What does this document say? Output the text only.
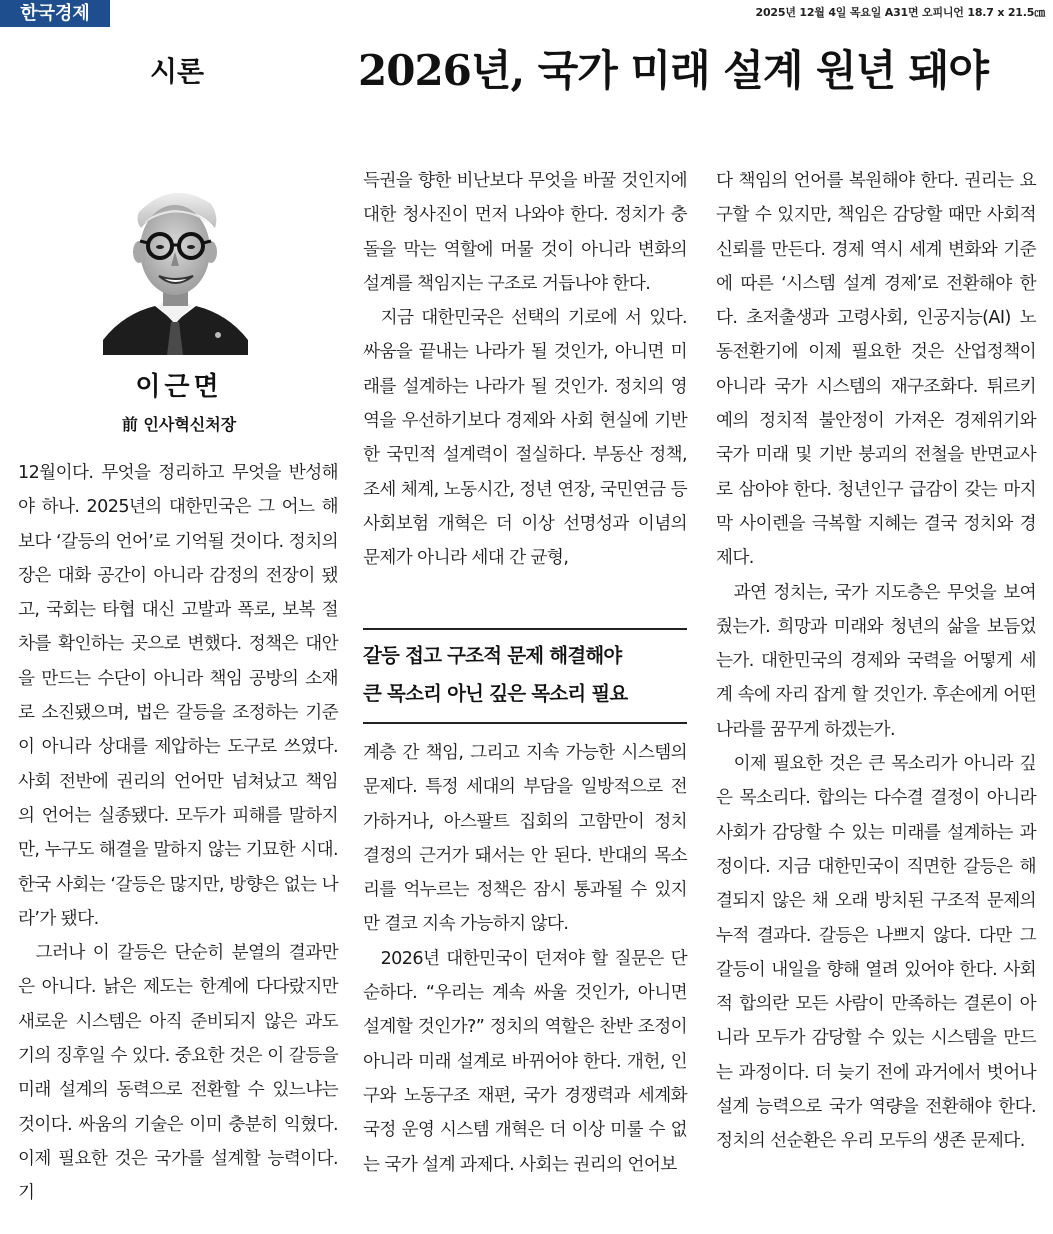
한국경제	2025년 12월 4일 목요일 A31면 오피니언 18.7 x 21.5㎝
시론	2026년, 국가 미래 설계 원년 돼야
이근면
前 인사혁신처장

12월이다. 무엇을 정리하고 무엇을 반성해야 하나. 2025년의 대한민국은 그 어느 해보다 ‘갈등의 언어’로 기억될 것이다. 정치의 장은 대화 공간이 아니라 감정의 전장이 됐고, 국회는 타협 대신 고발과 폭로, 보복 절차를 확인하는 곳으로 변했다. 정책은 대안을 만드는 수단이 아니라 책임 공방의 소재로 소진됐으며, 법은 갈등을 조정하는 기준이 아니라 상대를 제압하는 도구로 쓰였다. 사회 전반에 권리의 언어만 넘쳐났고 책임의 언어는 실종됐다. 모두가 피해를 말하지만, 누구도 해결을 말하지 않는 기묘한 시대. 한국 사회는 ‘갈등은 많지만, 방향은 없는 나라’가 됐다.

그러나 이 갈등은 단순히 분열의 결과만은 아니다. 낡은 제도는 한계에 다다랐지만 새로운 시스템은 아직 준비되지 않은 과도기의 징후일 수 있다. 중요한 것은 이 갈등을 미래 설계의 동력으로 전환할 수 있느냐는 것이다. 싸움의 기술은 이미 충분히 익혔다. 이제 필요한 것은 국가를 설계할 능력이다. 기

득권을 향한 비난보다 무엇을 바꿀 것인지에 대한 청사진이 먼저 나와야 한다. 정치가 충돌을 막는 역할에 머물 것이 아니라 변화의 설계를 책임지는 구조로 거듭나야 한다.

지금 대한민국은 선택의 기로에 서 있다. 싸움을 끝내는 나라가 될 것인가, 아니면 미래를 설계하는 나라가 될 것인가. 정치의 영역을 우선하기보다 경제와 사회 현실에 기반한 국민적 설계력이 절실하다. 부동산 정책, 조세 체계, 노동시간, 정년 연장, 국민연금 등 사회보험 개혁은 더 이상 선명성과 이념의 문제가 아니라 세대 간 균형,

갈등 접고 구조적 문제 해결해야
큰 목소리 아닌 깊은 목소리 필요

계층 간 책임, 그리고 지속 가능한 시스템의 문제다. 특정 세대의 부담을 일방적으로 전가하거나, 아스팔트 집회의 고함만이 정치 결정의 근거가 돼서는 안 된다. 반대의 목소리를 억누르는 정책은 잠시 통과될 수 있지만 결코 지속 가능하지 않다.

2026년 대한민국이 던져야 할 질문은 단순하다. “우리는 계속 싸울 것인가, 아니면 설계할 것인가?” 정치의 역할은 찬반 조정이 아니라 미래 설계로 바뀌어야 한다. 개헌, 인구와 노동구조 재편, 국가 경쟁력과 세계화 국정 운영 시스템 개혁은 더 이상 미룰 수 없는 국가 설계 과제다. 사회는 권리의 언어보

다 책임의 언어를 복원해야 한다. 권리는 요구할 수 있지만, 책임은 감당할 때만 사회적 신뢰를 만든다. 경제 역시 세계 변화와 기준에 따른 ‘시스템 설계 경제’로 전환해야 한다. 초저출생과 고령사회, 인공지능(AI) 노동전환기에 이제 필요한 것은 산업정책이 아니라 국가 시스템의 재구조화다. 튀르키예의 정치적 불안정이 가져온 경제위기와 국가 미래 및 기반 붕괴의 전철을 반면교사로 삼아야 한다. 청년인구 급감이 갖는 마지막 사이렌을 극복할 지혜는 결국 정치와 경제다.

과연 정치는, 국가 지도층은 무엇을 보여줬는가. 희망과 미래와 청년의 삶을 보듬었는가. 대한민국의 경제와 국력을 어떻게 세계 속에 자리 잡게 할 것인가. 후손에게 어떤 나라를 꿈꾸게 하겠는가.

이제 필요한 것은 큰 목소리가 아니라 깊은 목소리다. 합의는 다수결 결정이 아니라 사회가 감당할 수 있는 미래를 설계하는 과정이다. 지금 대한민국이 직면한 갈등은 해결되지 않은 채 오래 방치된 구조적 문제의 누적 결과다. 갈등은 나쁘지 않다. 다만 그 갈등이 내일을 향해 열려 있어야 한다. 사회적 합의란 모든 사람이 만족하는 결론이 아니라 모두가 감당할 수 있는 시스템을 만드는 과정이다. 더 늦기 전에 과거에서 벗어나 설계 능력으로 국가 역량을 전환해야 한다. 정치의 선순환은 우리 모두의 생존 문제다.
